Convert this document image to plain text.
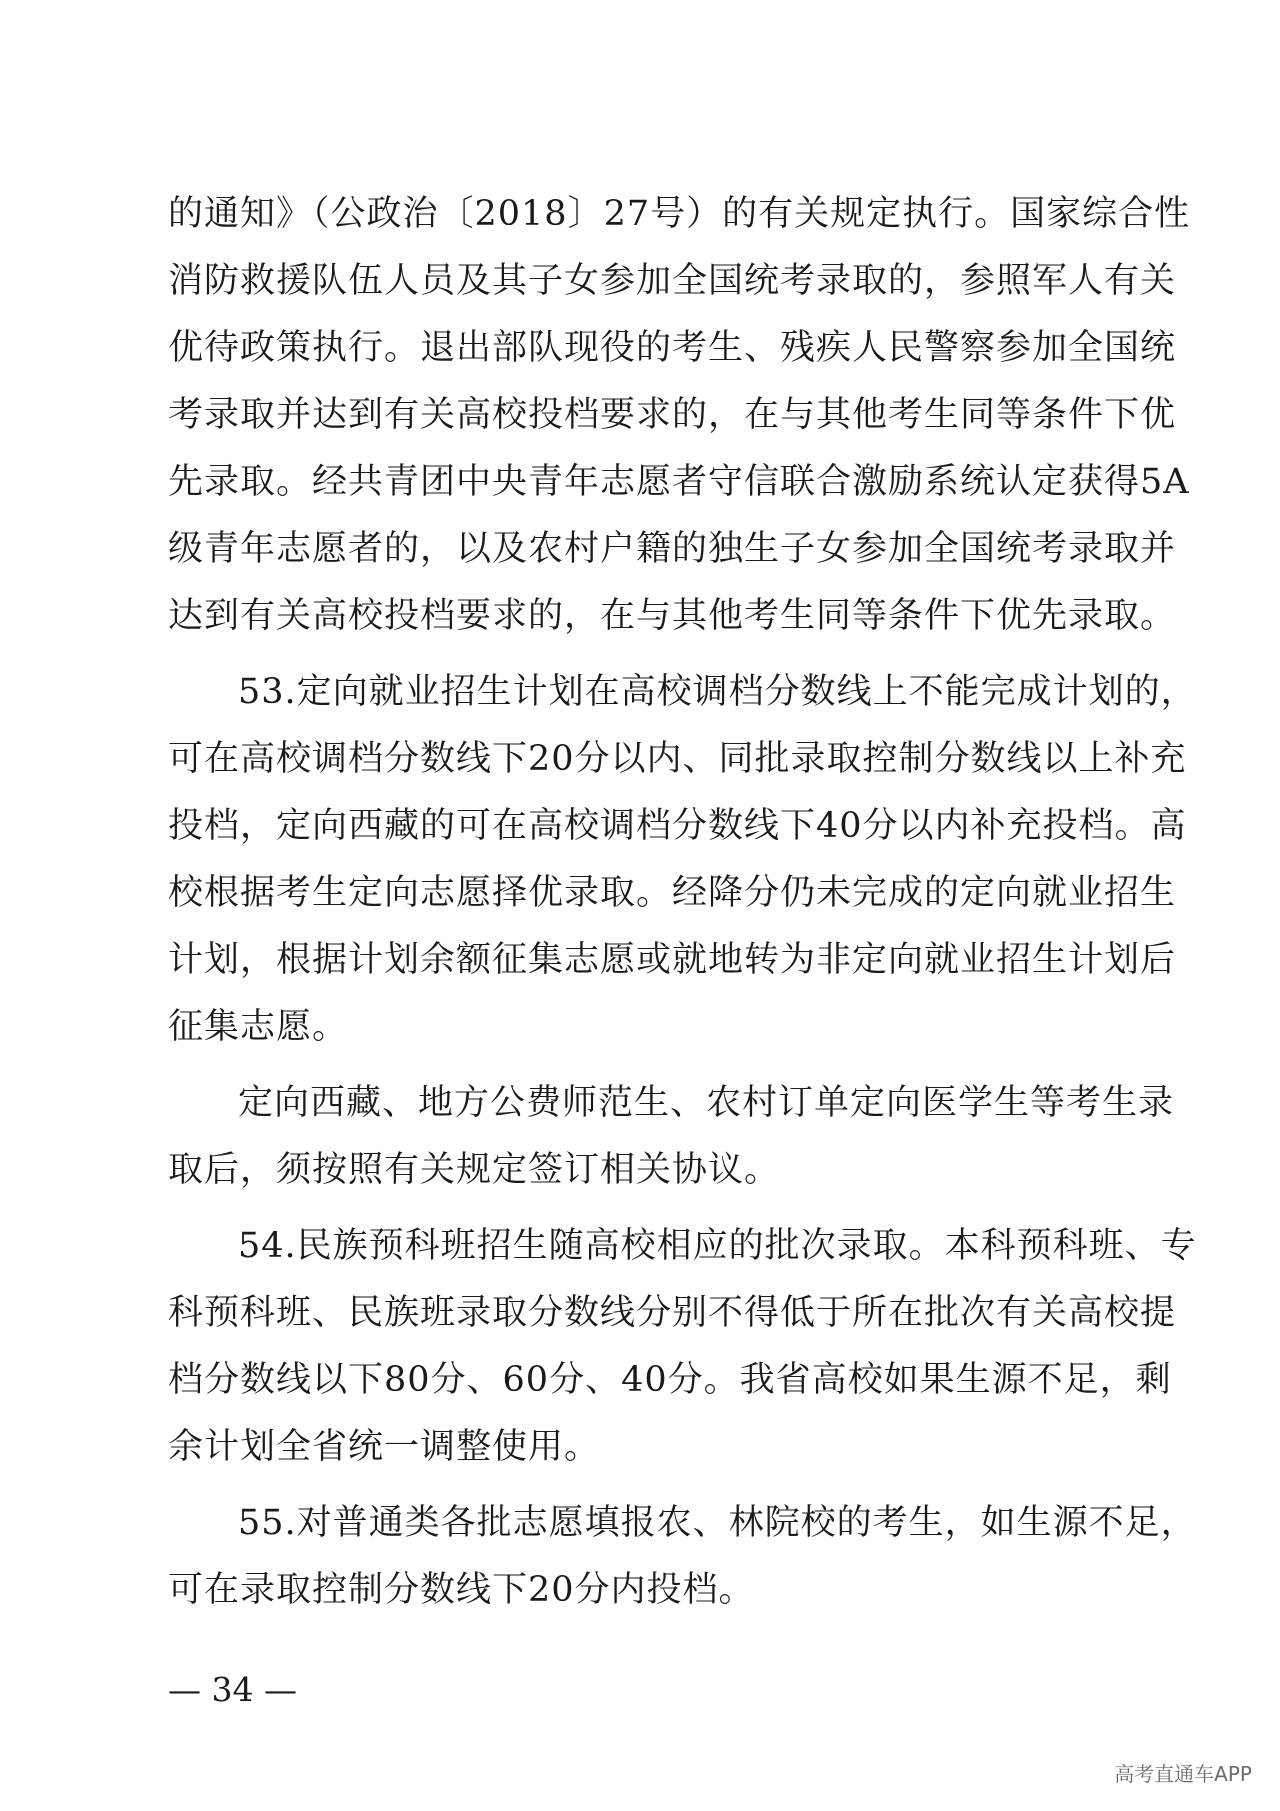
的通知》（公政治〔2018〕27号）的有关规定执行。国家综合性
消防救援队伍人员及其子女参加全国统考录取的，参照军人有关
优待政策执行。退出部队现役的考生、残疾人民警察参加全国统
考录取并达到有关高校投档要求的，在与其他考生同等条件下优
先录取。经共青团中央青年志愿者守信联合激励系统认定获得5A
级青年志愿者的，以及农村户籍的独生子女参加全国统考录取并
达到有关高校投档要求的，在与其他考生同等条件下优先录取。
53.定向就业招生计划在高校调档分数线上不能完成计划的，
可在高校调档分数线下20分以内、同批录取控制分数线以上补充
投档，定向西藏的可在高校调档分数线下40分以内补充投档。高
校根据考生定向志愿择优录取。经降分仍未完成的定向就业招生
计划，根据计划余额征集志愿或就地转为非定向就业招生计划后
征集志愿。
定向西藏、地方公费师范生、农村订单定向医学生等考生录
取后，须按照有关规定签订相关协议。
54.民族预科班招生随高校相应的批次录取。本科预科班、专
科预科班、民族班录取分数线分别不得低于所在批次有关高校提
档分数线以下80分、60分、40分。我省高校如果生源不足，剩
余计划全省统一调整使用。
55.对普通类各批志愿填报农、林院校的考生，如生源不足，
可在录取控制分数线下20分内投档。
— 34 —
高考直通车APP
